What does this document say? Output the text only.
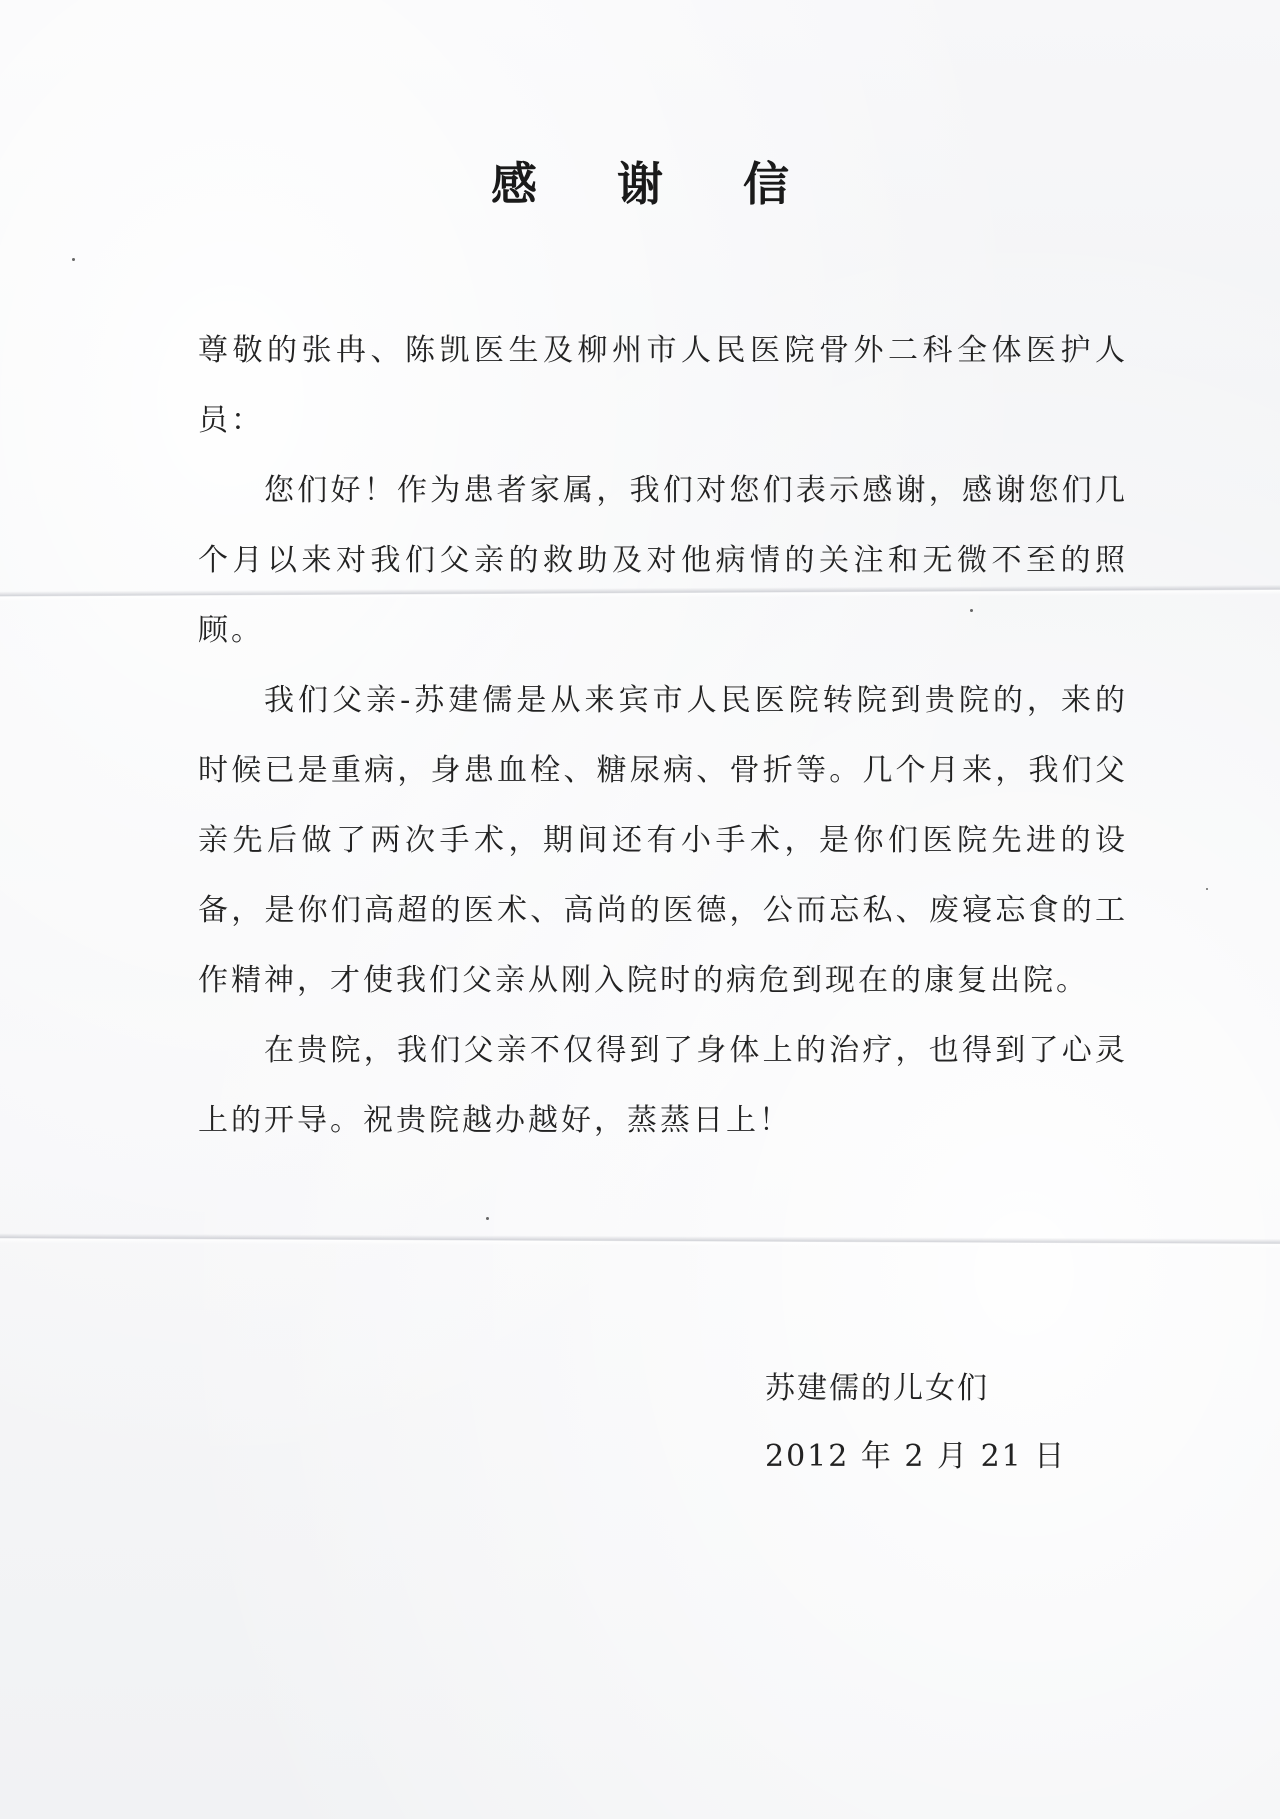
感 谢 信

尊敬的张冉、陈凯医生及柳州市人民医院骨外二科全体医护人员：

您们好！作为患者家属，我们对您们表示感谢，感谢您们几个月以来对我们父亲的救助及对他病情的关注和无微不至的照顾。

我们父亲-苏建儒是从来宾市人民医院转院到贵院的，来的时候已是重病，身患血栓、糖尿病、骨折等。几个月来，我们父亲先后做了两次手术，期间还有小手术，是你们医院先进的设备，是你们高超的医术、高尚的医德，公而忘私、废寝忘食的工作精神，才使我们父亲从刚入院时的病危到现在的康复出院。

在贵院，我们父亲不仅得到了身体上的治疗，也得到了心灵上的开导。祝贵院越办越好，蒸蒸日上！

苏建儒的儿女们
2012 年 2 月 21 日
